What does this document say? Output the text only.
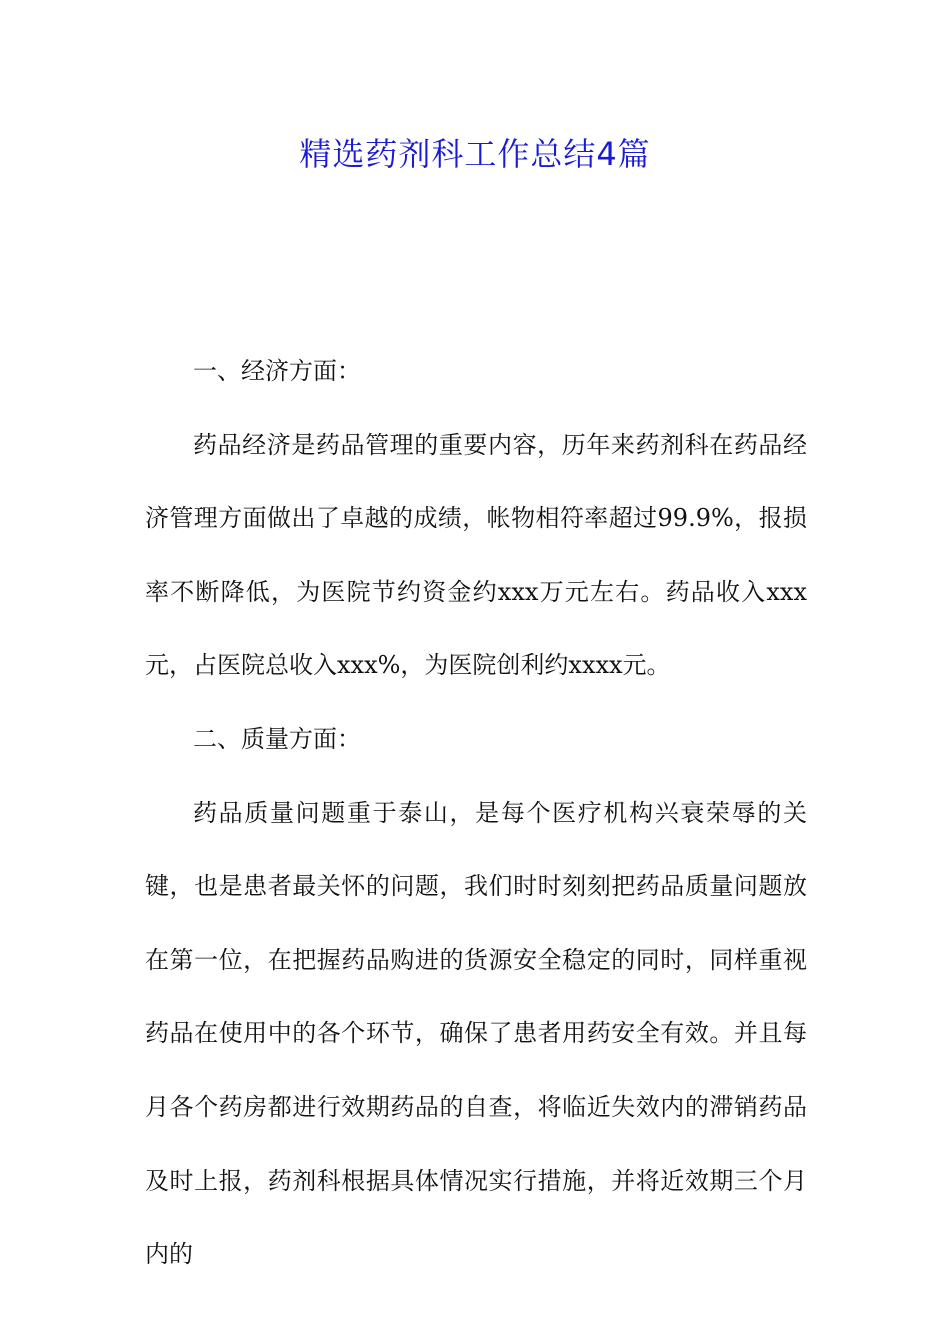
精选药剂科工作总结4篇

一、经济方面：

药品经济是药品管理的重要内容，历年来药剂科在药品经济管理方面做出了卓越的成绩，帐物相符率超过99.9%，报损率不断降低，为医院节约资金约xxx万元左右。药品收入xxx元，占医院总收入xxx%，为医院创利约xxxx元。

二、质量方面：

药品质量问题重于泰山，是每个医疗机构兴衰荣辱的关键，也是患者最关怀的问题，我们时时刻刻把药品质量问题放在第一位，在把握药品购进的货源安全稳定的同时，同样重视药品在使用中的各个环节，确保了患者用药安全有效。并且每月各个药房都进行效期药品的自查，将临近失效内的滞销药品及时上报，药剂科根据具体情况实行措施，并将近效期三个月内的
